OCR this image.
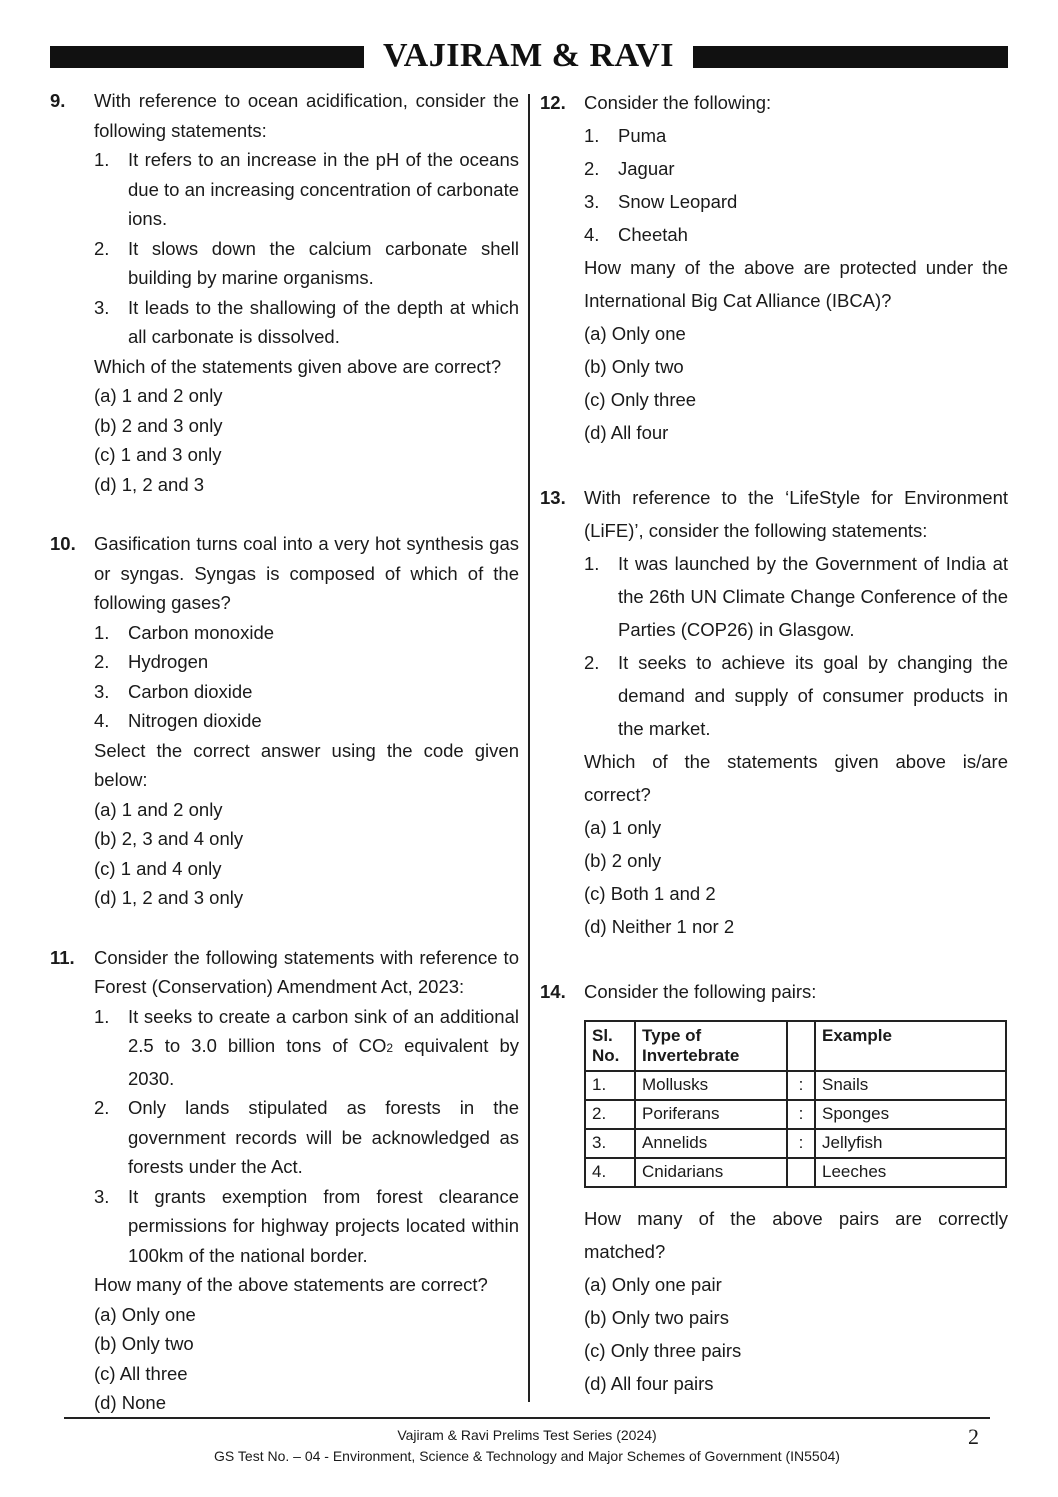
VAJIRAM & RAVI
9. With reference to ocean acidification, consider the following statements:
1. It refers to an increase in the pH of the oceans due to an increasing concentration of carbonate ions.
2. It slows down the calcium carbonate shell building by marine organisms.
3. It leads to the shallowing of the depth at which all carbonate is dissolved.
Which of the statements given above are correct?
(a) 1 and 2 only
(b) 2 and 3 only
(c) 1 and 3 only
(d) 1, 2 and 3
10. Gasification turns coal into a very hot synthesis gas or syngas. Syngas is composed of which of the following gases?
1. Carbon monoxide
2. Hydrogen
3. Carbon dioxide
4. Nitrogen dioxide
Select the correct answer using the code given below:
(a) 1 and 2 only
(b) 2, 3 and 4 only
(c) 1 and 4 only
(d) 1, 2 and 3 only
11. Consider the following statements with reference to Forest (Conservation) Amendment Act, 2023:
1. It seeks to create a carbon sink of an additional 2.5 to 3.0 billion tons of CO2 equivalent by 2030.
2. Only lands stipulated as forests in the government records will be acknowledged as forests under the Act.
3. It grants exemption from forest clearance permissions for highway projects located within 100km of the national border.
How many of the above statements are correct?
(a) Only one
(b) Only two
(c) All three
(d) None
12. Consider the following:
1. Puma
2. Jaguar
3. Snow Leopard
4. Cheetah
How many of the above are protected under the International Big Cat Alliance (IBCA)?
(a) Only one
(b) Only two
(c) Only three
(d) All four
13. With reference to the ‘LifeStyle for Environment (LiFE)’, consider the following statements:
1. It was launched by the Government of India at the 26th UN Climate Change Conference of the Parties (COP26) in Glasgow.
2. It seeks to achieve its goal by changing the demand and supply of consumer products in the market.
Which of the statements given above is/are correct?
(a) 1 only
(b) 2 only
(c) Both 1 and 2
(d) Neither 1 nor 2
14. Consider the following pairs:
Sl. No.	Type of Invertebrate		Example
1.	Mollusks	:	Snails
2.	Poriferans	:	Sponges
3.	Annelids	:	Jellyfish
4.	Cnidarians		Leeches
How many of the above pairs are correctly matched?
(a) Only one pair
(b) Only two pairs
(c) Only three pairs
(d) All four pairs
Vajiram & Ravi Prelims Test Series (2024)
GS Test No. – 04 - Environment, Science & Technology and Major Schemes of Government (IN5504)
2
